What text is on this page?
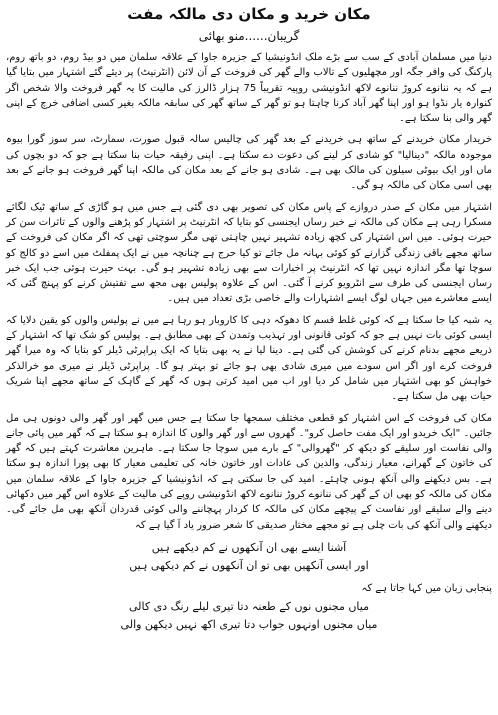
مکان خرید و مکان دی مالکہ مفت
گریبان......منو بھائی

دنیا میں مسلمان آبادی کے سب سے بڑے ملک انڈونیشیا کے جزیرہ جاوا کے علاقہ سلمان میں دو بیڈ روم، دو باتھ روم، پارکنگ کی وافر جگہ اور مچھلیوں کے تالاب والے گھر کی فروخت کے آن لائن (انٹرنیٹ) پر دیئے گئے اشتہار میں بتایا گیا ہے کہ یہ ننانوے کروڑ ننانوے لاکھ انڈونیشی روپیہ تقریباً 75 ہزار ڈالرز کی مالیت کا یہ گھر فروخت والا شخص اگر کنوارہ یار نڈوا ہو اور اپنا گھر آباد کرنا چاہتا ہو تو گھر کے ساتھ گھر کی سابقہ مالکہ بغیر کسی اضافی خرچ کے اپنی گھر والی بنا سکتا ہے۔

خریدار مکان خریدنے کے ساتھ ہی خریدنے کے بعد گھر کی چالیس سالہ قبول صورت، سمارٹ، سر سوز گورا بیوہ موجودہ مالکہ "دینالیا" کو شادی کر لینے کی دعوت دے سکتا ہے۔ اپنی رفیقہ حیات بنا سکتا ہے جو کہ دو بچوں کی ماں اور ایک بیوٹی سیلون کی مالک بھی ہے۔ شادی ہو جانے کے بعد مکان کی مالکہ اپنا گھر فروخت ہو جانے کے بعد بھی اسی مکان کی مالکہ ہو گی۔

اشتہار میں مکان کے صدر دروازے کے پاس مکان کی تصویر بھی دی گئی ہے جس میں ہو گاڑی کے ساتھ ٹیک لگائے مسکرا رہی ہے مکان کی مالکہ نے خبر رساں ایجنسی کو بتایا کہ انٹرنیٹ پر اشتہار کو پڑھنے والوں کے تاثرات سن کر حیرت ہوئی۔ میں اس اشتہار کی کچھ زیادہ تشہیر نہیں چاہتی تھی مگر سوچتی تھی کہ اگر مکان کی فروخت کے ساتھ مجھے باقی زندگی گزارنے کو کوئی بہانہ مل جائے تو کیا حرج ہے چنانچہ میں نے ایک پمفلٹ میں اسے دو کالج کو سوچا تھا مگر اندازہ نہیں تھا کہ انٹرنیٹ پر اخبارات سے بھی زیادہ تشہیر ہو گی۔ بہت حیرت ہوئی جب ایک خبر رساں ایجنسی کی طرف سے انٹرویو کرنے آ گئی۔ اس کے علاوہ پولیس بھی مجھ سے تفتیش کرنے کو پہنچ گئی کہ ایسے معاشرے میں جہاں لوگ ایسے اشتہارات والے خاصی بڑی تعداد میں ہیں۔

یہ شبہ کیا جا سکتا ہے کہ کوئی غلط قسم کا دھوکہ دہی کا کاروبار ہو رہا ہے میں نے پولیس والوں کو یقین دلایا کہ ایسی کوئی بات نہیں ہے جو کہ کوئی قانونی اور تہذیب وتمدن کے بھی مطابق ہے۔ پولیس کو شک تھا کہ اشتہار کے ذریعے مجھے بدنام کرنے کی کوشش کی گئی ہے۔ دینا لیا نے یہ بھی بتایا کہ ایک پراپرٹی ڈیلر کو بتایا کہ وہ میرا گھر فروخت کرے اور اگر اس سودے میں میری شادی بھی ہو جائے تو بہتر ہو گا۔ پراپرٹی ڈیلر نے میری مو خرالذکر خواہش کو بھی اشتہار میں شامل کر دیا اور اب میں امید کرتی ہوں کہ گھر کے گاہک کے ساتھ مجھے اپنا شریک حیات بھی مل سکتا ہے۔

مکان کی فروخت کے اس اشتہار کو قطعی مختلف سمجھا جا سکتا ہے جس میں گھر اور گھر والی دونوں ہی مل جائیں۔ "ایک خریدو اور ایک مفت حاصل کرو"۔ گھروں سے اور گھر والوں کا اندازہ ہو سکتا ہے کہ گھر میں پائی جانے والی نفاست اور سلیقے کو دیکھ کر "گھروالی" کے بارے میں سوچا جا سکتا ہے۔ ماہرین معاشرت کہتے ہیں کہ گھر کی خاتون کے گھرانے، معیار زندگی، والدین کی عادات اور خاتون خانہ کی تعلیمی معیار کا بھی پورا اندازہ ہو سکتا ہے۔ بس دیکھنے والی آنکھ ہونی چاہئے۔ امید کی جا سکتی ہے کہ انڈونیشیا کے جزیرہ جاوا کے علاقہ سلمان میں مکان کی مالکہ کو بھی ان کے گھر کی ننانوے کروڑ ننانوے لاکھ انڈونیشی روپے کی مالیت کے علاوہ اس گھر میں دکھائی دینے والے سلیقے اور نفاست کے پیچھے مکان کی مالکہ کا کردار پہچاننے والی کوئی قدردان آنکھ بھی مل جائے گی۔ دیکھنے والی آنکھ کی بات چلی ہے تو مجھے مختار صدیقی کا شعر ضرور یاد آ گیا ہے کہ

آشنا ایسے بھی ان آنکھوں نے کم دیکھے ہیں
اور ایسی آنکھیں بھی تو ان آنکھوں نے کم دیکھی ہیں
پنجابی زبان میں کہا جاتا ہے کہ
میاں مجنوں نوں کے طعنہ دتا تیری لیلے رنگ دی کالی
میاں مجنوں اونہوں جواب دتا تیری اکھ نہیں دیکھن والی
